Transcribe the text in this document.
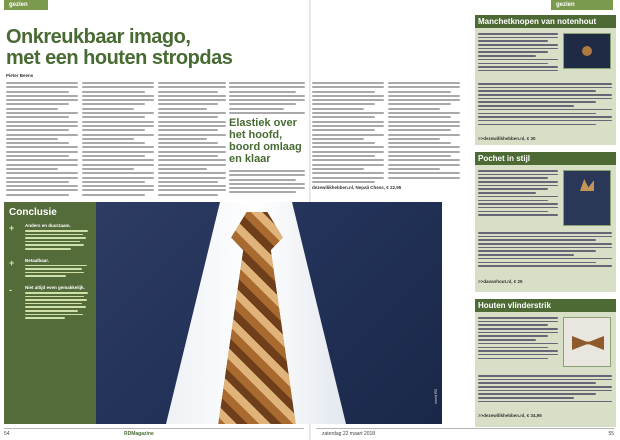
gezien	gezien
Onkreukbaar imago,
met een houten stropdas
Pieter Beens
Elastiek over het hoofd, boord omlaag en klaar
dezewilikhebben.nl, Nepali Chess, € 22,95
Conclusie
+	Anders en duurzaam.
+	Betaalbaar.
-	Niet altijd even gemakkelijk.
beeld RD
Manchetknopen van notenhout
>>dezewilikhebben.nl, € 30
Pochet in stijl
>>davanhout.nl, € 25
Houten vlinderstrik
>>dezewilikhebben.nl, € 34,95
54	RDMagazine	zaterdag 22 maart 2018	55
